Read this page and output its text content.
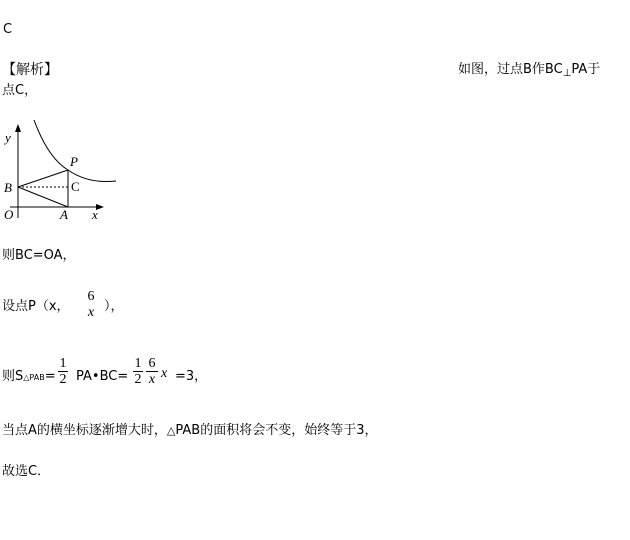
C
【解析】	如图，过点B作$BC_\perp PA$于
点C，
y
P
B	C
O	A x
则BC=OA，
设点P（x，
6
x ），
则S△PAB=
1
2 PA•BC=
1
2
6
x x =3，
当点A的横坐标逐渐增大时，△PAB的面积将会不变，始终等于3，
故选C．
